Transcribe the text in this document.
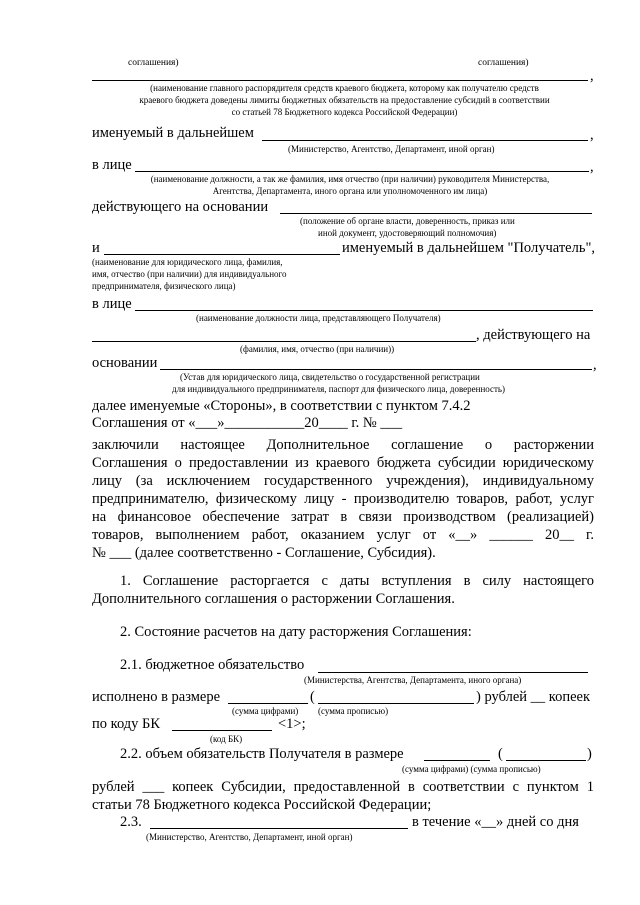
соглашения)	соглашения)
,
(наименование главного распорядителя средств краевого бюджета, которому как получателю средств
краевого бюджета доведены лимиты бюджетных обязательств на предоставление субсидий в соответствии
со статьей 78 Бюджетного кодекса Российской Федерации)
именуемый в дальнейшем	,
(Министерство, Агентство, Департамент, иной орган)
в лице	,
(наименование должности, а так же фамилия, имя отчество (при наличии) руководителя Министерства,
Агентства, Департамента, иного органа или уполномоченного им лица)
действующего на основании
(положение об органе власти, доверенность, приказ или
иной документ, удостоверяющий полномочия)
и	именуемый в дальнейшем "Получатель",
(наименование для юридического лица, фамилия,
имя, отчество (при наличии) для индивидуального
предпринимателя, физического лица)
в лице
(наименование должности лица, представляющего Получателя)
, действующего на
(фамилия, имя, отчество (при наличии))
основании	,
(Устав для юридического лица, свидетельство о государственной регистрации
для индивидуального предпринимателя, паспорт для физического лица, доверенность)
далее именуемые «Стороны», в соответствии с пунктом 7.4.2
Соглашения от «___»___________20____ г. № ___
заключили настоящее Дополнительное соглашение о расторжении
Соглашения о предоставлении из краевого бюджета субсидии юридическому
лицу (за исключением государственного учреждения), индивидуальному
предпринимателю, физическому лицу - производителю товаров, работ, услуг
на финансовое обеспечение затрат в связи производством (реализацией)
товаров, выполнением работ, оказанием услуг от «__» ______ 20__ г.
№ ___ (далее соответственно - Соглашение, Субсидия).
1. Соглашение расторгается с даты вступления в силу настоящего
Дополнительного соглашения о расторжении Соглашения.
2. Состояние расчетов на дату расторжения Соглашения:
2.1. бюджетное обязательство
(Министерства, Агентства, Департамента, иного органа)
исполнено в размере	(	) рублей __ копеек
(сумма цифрами) (сумма прописью)
по коду БК	<1>;
(код БК)
2.2. объем обязательств Получателя в размере	(	)
(сумма цифрами) (сумма прописью)
рублей ___ копеек Субсидии, предоставленной в соответствии с пунктом 1
статьи 78 Бюджетного кодекса Российской Федерации;
2.3.	в течение «__» дней со дня
(Министерство, Агентство, Департамент, иной орган)
